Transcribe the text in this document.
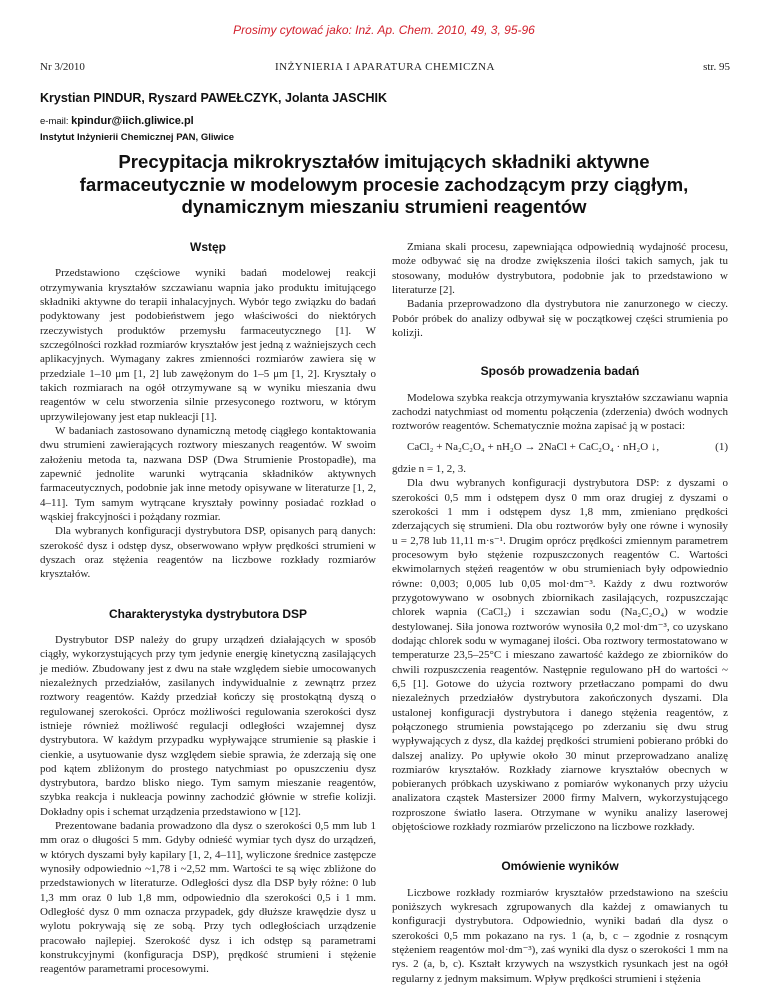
Prosimy cytować jako: Inż. Ap. Chem. 2010, 49, 3, 95-96
Nr 3/2010	INŻYNIERIA I APARATURA CHEMICZNA	str. 95
Krystian PINDUR, Ryszard PAWEŁCZYK, Jolanta JASCHIK
e-mail: kpindur@iich.gliwice.pl
Instytut Inżynierii Chemicznej PAN, Gliwice
Precypitacja mikrokryształów imitujących składniki aktywne farmaceutycznie w modelowym procesie zachodzącym przy ciągłym, dynamicznym mieszaniu strumieni reagentów
Wstęp

Przedstawiono częściowe wyniki badań modelowej reakcji otrzymywania kryształów szczawianu wapnia jako produktu imitującego składniki aktywne do terapii inhalacyjnych. Wybór tego związku do badań podyktowany jest podobieństwem jego właściwości do niektórych rzeczywistych produktów przemysłu farmaceutycznego [1]. W szczególności rozkład rozmiarów kryształów jest jedną z ważniejszych cech aplikacyjnych. Wymagany zakres zmienności rozmiarów zawiera się w przedziale 1–10 μm [1, 2] lub zawężonym do 1–5 μm [1, 2]. Kryształy o takich rozmiarach na ogół otrzymywane są w wyniku mieszania dwu reagentów w celu stworzenia silnie przesyconego roztworu, w którym uprzywilejowany jest etap nukleacji [1].

W badaniach zastosowano dynamiczną metodę ciągłego kontaktowania dwu strumieni zawierających roztwory mieszanych reagentów. W swoim założeniu metoda ta, nazwana DSP (Dwa Strumienie Prostopadłe), ma zapewnić jednolite warunki wytrącania składników aktywnych farmaceutycznych, podobnie jak inne metody opisywane w literaturze [1, 2, 4–11]. Tym samym wytrącane kryształy powinny posiadać rozkład o wąskiej frakcyjności i pożądany rozmiar.

Dla wybranych konfiguracji dystrybutora DSP, opisanych parą danych: szerokość dysz i odstęp dysz, obserwowano wpływ prędkości strumieni w dyszach oraz stężenia reagentów na liczbowe rozkłady rozmiarów kryształów.

Charakterystyka dystrybutora DSP

Dystrybutor DSP należy do grupy urządzeń działających w sposób ciągły, wykorzystujących przy tym jedynie energię kinetyczną zasilających je mediów. Zbudowany jest z dwu na stałe względem siebie umocowanych niezależnych przedziałów, zasilanych indywidualnie z zewnątrz przez roztwory reagentów. Każdy przedział kończy się prostokątną dyszą o regulowanej szerokości. Oprócz możliwości regulowania szerokości dysz istnieje również możliwość regulacji odległości wzajemnej dysz dystrybutora. W każdym przypadku wypływające strumienie są płaskie i cienkie, a usytuowanie dysz względem siebie sprawia, że zderzają się one pod kątem zbliżonym do prostego natychmiast po opuszczeniu dysz dystrybutora, bardzo blisko niego. Tym samym mieszanie reagentów, szybka reakcja i nukleacja powinny zachodzić głównie w strefie kolizji. Dokładny opis i schemat urządzenia przedstawiono w [12].

Prezentowane badania prowadzono dla dysz o szerokości 0,5 mm lub 1 mm oraz o długości 5 mm. Gdyby odnieść wymiar tych dysz do urządzeń, w których dyszami były kapilary [1, 2, 4–11], wyliczone średnice zastępcze wynosiły odpowiednio ~1,78 i ~2,52 mm. Wartości te są więc zbliżone do przedstawionych w literaturze. Odległości dysz dla DSP były różne: 0 lub 1,3 mm oraz 0 lub 1,8 mm, odpowiednio dla szerokości 0,5 i 1 mm. Odległość dysz 0 mm oznacza przypadek, gdy dłuższe krawędzie dysz u wylotu pokrywają się ze sobą. Przy tych odległościach urządzenie pracowało najlepiej. Szerokość dysz i ich odstęp są parametrami konstrukcyjnymi (konfiguracja DSP), prędkość strumieni i stężenie reagentów parametrami procesowymi.

Zmiana skali procesu, zapewniająca odpowiednią wydajność procesu, może odbywać się na drodze zwiększenia ilości takich samych, jak tu stosowany, modułów dystrybutora, podobnie jak to przedstawiono w literaturze [2].

Badania przeprowadzono dla dystrybutora nie zanurzonego w cieczy. Pobór próbek do analizy odbywał się w początkowej części strumienia po kolizji.

Sposób prowadzenia badań

Modelowa szybka reakcja otrzymywania kryształów szczawianu wapnia zachodzi natychmiast od momentu połączenia (zderzenia) dwóch wodnych roztworów reagentów. Schematycznie można zapisać ją w postaci:

CaCl₂ + Na₂C₂O₄ + nH₂O → 2NaCl + CaC₂O₄ · nH₂O ↓,	(1)

gdzie n = 1, 2, 3.

Dla dwu wybranych konfiguracji dystrybutora DSP: z dyszami o szerokości 0,5 mm i odstępem dysz 0 mm oraz drugiej z dyszami o szerokości 1 mm i odstępem dysz 1,8 mm, zmieniano prędkości zderzających się strumieni. Dla obu roztworów były one równe i wynosiły u = 2,78 lub 11,11 m·s⁻¹. Drugim oprócz prędkości zmiennym parametrem procesowym było stężenie rozpuszczonych reagentów C. Wartości ekwimolarnych stężeń reagentów w obu strumieniach były odpowiednio równe: 0,003; 0,005 lub 0,05 mol·dm⁻³. Każdy z dwu roztworów przygotowywano w osobnych zbiornikach zasilających, rozpuszczając chlorek wapnia (CaCl₂) i szczawian sodu (Na₂C₂O₄) w wodzie destylowanej. Siła jonowa roztworów wynosiła 0,2 mol·dm⁻³, co uzyskano dodając chlorek sodu w wymaganej ilości. Oba roztwory termostatowano w temperaturze 23,5–25°C i mieszano zawartość każdego ze zbiorników do chwili rozpuszczenia reagentów. Następnie regulowano pH do wartości ~ 6,5 [1]. Gotowe do użycia roztwory przetłaczano pompami do dwu niezależnych przedziałów dystrybutora zakończonych dyszami. Dla ustalonej konfiguracji dystrybutora i danego stężenia reagentów, z połączonego strumienia powstającego po zderzaniu się dwu strug wypływających z dysz, dla każdej prędkości strumieni pobierano próbki do dalszej analizy. Po upływie około 30 minut przeprowadzano analizę rozmiarów kryształów. Rozkłady ziarnowe kryształów obecnych w pobieranych próbkach uzyskiwano z pomiarów wykonanych przy użyciu analizatora cząstek Mastersizer 2000 firmy Malvern, wykorzystującego rozproszone światło lasera. Otrzymane w wyniku analizy laserowej objętościowe rozkłady rozmiarów przeliczono na liczbowe rozkłady.

Omówienie wyników

Liczbowe rozkłady rozmiarów kryształów przedstawiono na sześciu poniższych wykresach zgrupowanych dla każdej z omawianych tu konfiguracji dystrybutora. Odpowiednio, wyniki badań dla dysz o szerokości 0,5 mm pokazano na rys. 1 (a, b, c – zgodnie z rosnącym stężeniem reagentów mol·dm⁻³), zaś wyniki dla dysz o szerokości 1 mm na rys. 2 (a, b, c). Kształt krzywych na wszystkich rysunkach jest na ogół regularny z jednym maksimum. Wpływ prędkości strumieni i stężenia
